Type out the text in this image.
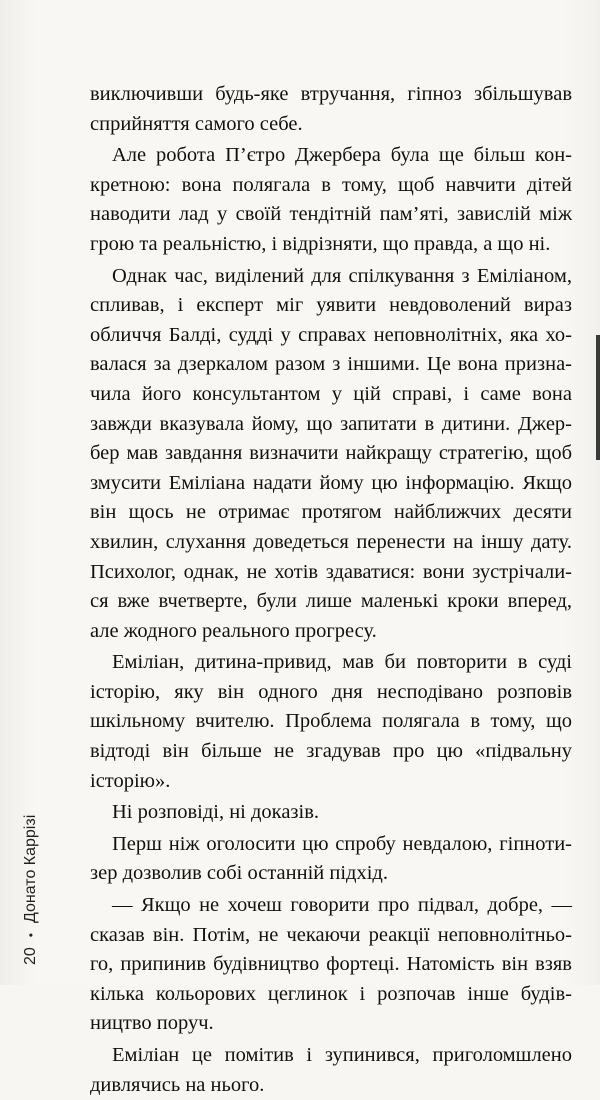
виключивши будь-яке втручання, гіпноз збільшував
сприйняття самого себе.
Але робота П’єтро Джербера була ще більш кон-
кретною: вона полягала в тому, щоб навчити дітей
наводити лад у своїй тендітній пам’яті, завислій між
грою та реальністю, і відрізняти, що правда, а що ні.
Однак час, виділений для спілкування з Еміліаном,
спливав, і експерт міг уявити невдоволений вираз
обличчя Балді, судді у справах неповнолітніх, яка хо-
валася за дзеркалом разом з іншими. Це вона призна-
чила його консультантом у цій справі, і саме вона
завжди вказувала йому, що запитати в дитини. Джер-
бер мав завдання визначити найкращу стратегію, щоб
змусити Еміліана надати йому цю інформацію. Якщо
він щось не отримає протягом найближчих десяти
хвилин, слухання доведеться перенести на іншу дату.
Психолог, однак, не хотів здаватися: вони зустрічали-
ся вже вчетверте, були лише маленькі кроки вперед,
але жодного реального прогресу.
Еміліан, дитина-привид, мав би повторити в суді
історію, яку він одного дня несподівано розповів
шкільному вчителю. Проблема полягала в тому, що
відтоді він більше не згадував про цю «підвальну
історію».
Ні розповіді, ні доказів.
Перш ніж оголосити цю спробу невдалою, гіпноти-
зер дозволив собі останній підхід.
— Якщо не хочеш говорити про підвал, добре, —
сказав він. Потім, не чекаючи реакції неповнолітньо-
го, припинив будівництво фортеці. Натомість він взяв
кілька кольорових цеглинок і розпочав інше будів-
ництво поруч.
Еміліан це помітив і зупинився, приголомшлено
дивлячись на нього.
20
•
Донато Каррізі
